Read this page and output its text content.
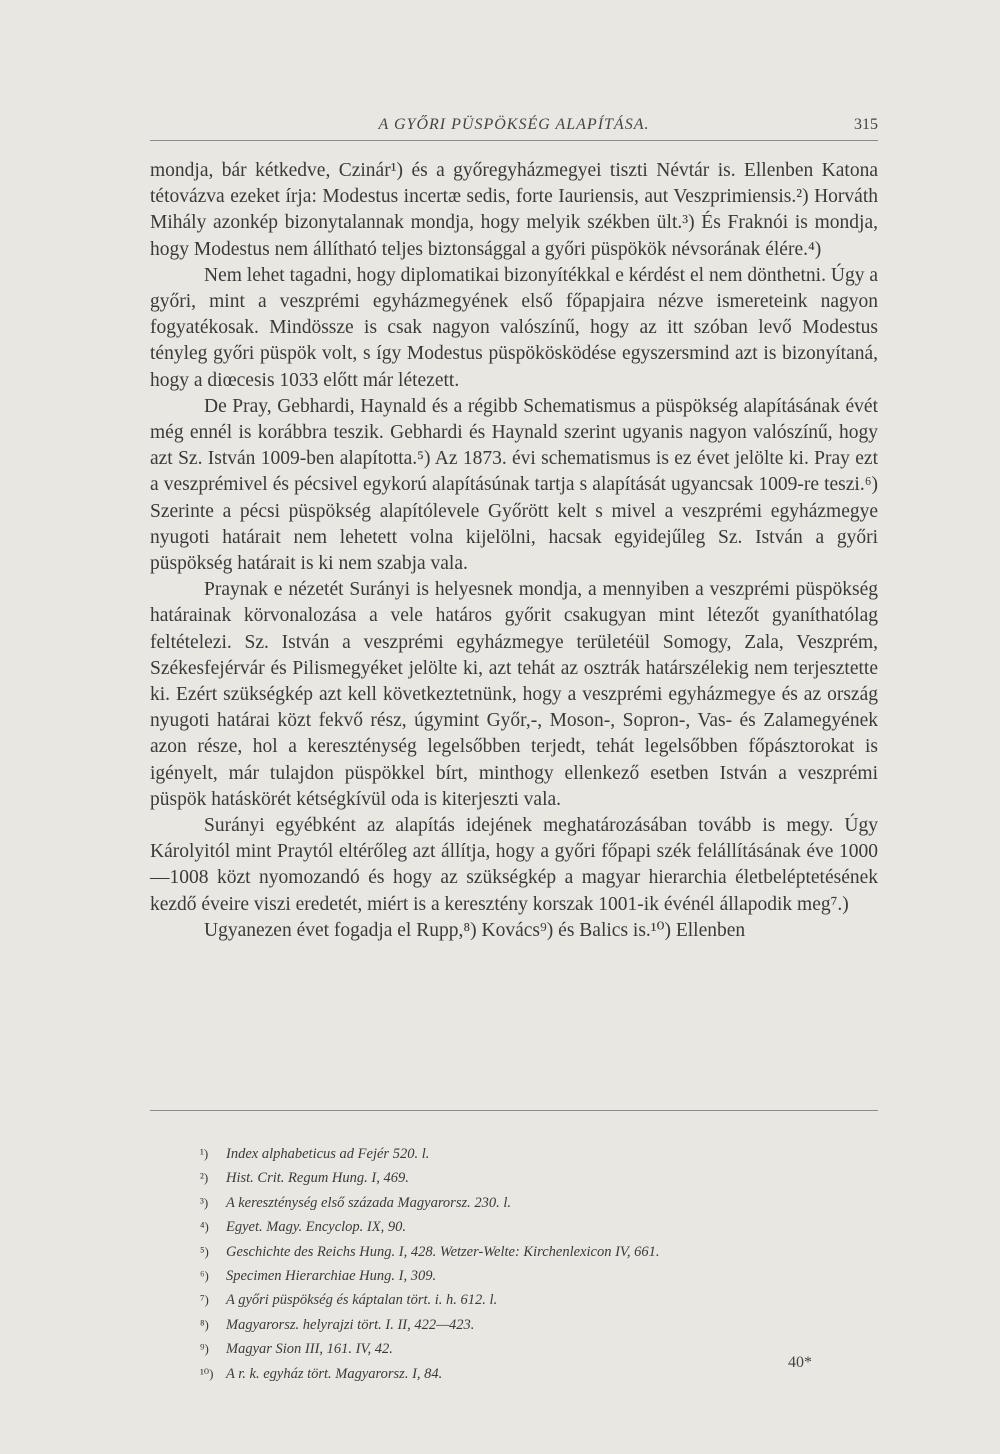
A GYŐRI PÜSPÖKSÉG ALAPÍTÁSA.	315

mondja, bár kétkedve, Czinár¹) és a győregyházmegyei tiszti Névtár is. Ellenben Katona tétovázva ezeket írja: Modestus incertæ sedis, forte Iauriensis, aut Veszprimiensis.²) Horváth Mihály azonkép bizonytalannak mondja, hogy melyik székben ült.³) És Fraknói is mondja, hogy Modestus nem állítható teljes biztonsággal a győri püspökök névsorának élére.⁴)

Nem lehet tagadni, hogy diplomatikai bizonyítékkal e kérdést el nem dönthetni. Úgy a győri, mint a veszprémi egyházmegyének első főpapjaira nézve ismereteink nagyon fogyatékosak. Mindössze is csak nagyon valószínű, hogy az itt szóban levő Modestus tényleg győri püspök volt, s így Modestus püspökösködése egyszersmind azt is bizonyítaná, hogy a diœcesis 1033 előtt már létezett.

De Pray, Gebhardi, Haynald és a régibb Schematismus a püspökség alapításának évét még ennél is korábbra teszik. Gebhardi és Haynald szerint ugyanis nagyon valószínű, hogy azt Sz. István 1009-ben alapította.⁵) Az 1873. évi schematismus is ez évet jelölte ki. Pray ezt a veszprémivel és pécsivel egykorú alapításúnak tartja s alapítását ugyancsak 1009-re teszi.⁶) Szerinte a pécsi püspökség alapítólevele Győrött kelt s mivel a veszprémi egyházmegye nyugoti határait nem lehetett volna kijelölni, hacsak egyidejűleg Sz. István a győri püspökség határait is ki nem szabja vala.

Praynak e nézetét Surányi is helyesnek mondja, a mennyiben a veszprémi püspökség határainak körvonalozása a vele határos győrit csakugyan mint létezőt gyaníthatólag feltételezi. Sz. István a veszprémi egyházmegye területéül Somogy, Zala, Veszprém, Székesfejérvár és Pilismegyéket jelölte ki, azt tehát az osztrák határszélekig nem terjesztette ki. Ezért szükségkép azt kell következtetnünk, hogy a veszprémi egyházmegye és az ország nyugoti határai közt fekvő rész, úgymint Győr,-, Moson-, Sopron-, Vas- és Zalamegyének azon része, hol a kereszténység legelsőbben terjedt, tehát legelsőbben főpásztorokat is igényelt, már tulajdon püspökkel bírt, minthogy ellenkező esetben István a veszprémi püspök hatáskörét kétségkívül oda is kiterjeszti vala.

Surányi egyébként az alapítás idejének meghatározásában tovább is megy. Úgy Károlyitól mint Praytól eltérőleg azt állítja, hogy a győri főpapi szék felállításának éve 1000—1008 közt nyomozandó és hogy az szükségkép a magyar hierarchia életbeléptetésének kezdő éveire viszi eredetét, miért is a keresztény korszak 1001-ik événél állapodik meg⁷.)

Ugyanezen évet fogadja el Rupp,⁸) Kovács⁹) és Balics is.¹⁰) Ellenben

¹) Index alphabeticus ad Fejér 520. l.
²) Hist. Crit. Regum Hung. I, 469.
³) A kereszténység első százada Magyarorsz. 230. l.
⁴) Egyet. Magy. Encyclop. IX, 90.
⁵) Geschichte des Reichs Hung. I, 428. Wetzer-Welte: Kirchenlexicon IV, 661.
⁶) Specimen Hierarchiae Hung. I, 309.
⁷) A győri püspökség és káptalan tört. i. h. 612. l.
⁸) Magyarorsz. helyrajzi tört. I. II, 422—423.
⁹) Magyar Sion III, 161. IV, 42.
¹⁰) A r. k. egyház tört. Magyarorsz. I, 84.
40*
